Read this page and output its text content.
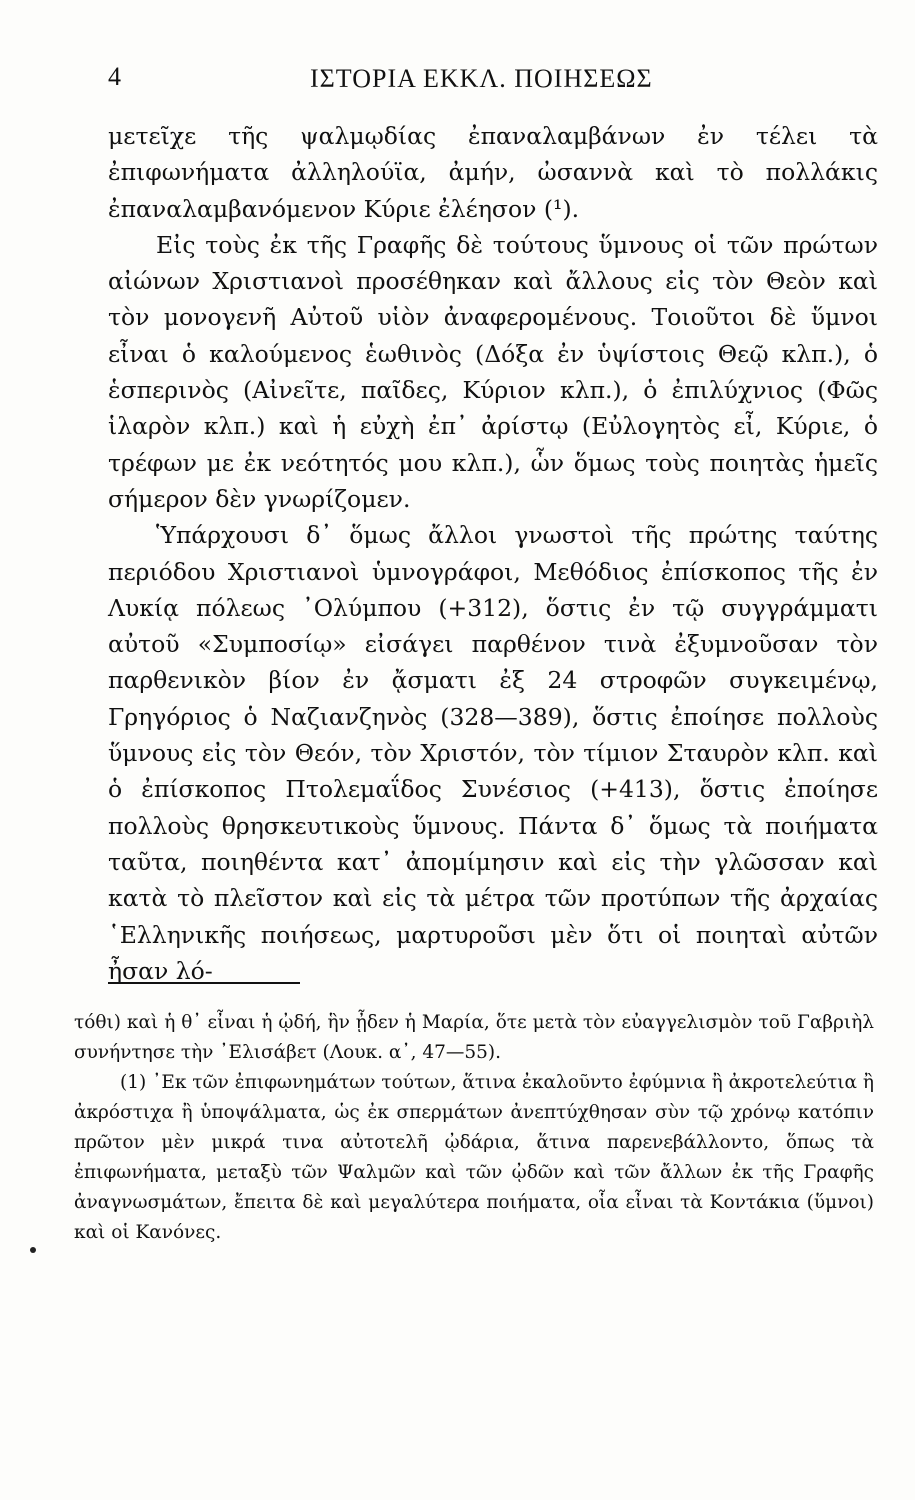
4	ΙΣΤΟΡΙΑ ΕΚΚΛ. ΠΟΙΗΣΕΩΣ

μετεῖχε τῆς ψαλμῳδίας ἐπαναλαμβάνων ἐν τέλει τὰ ἐπιφωνήματα ἀλληλούϊα, ἀμήν, ὠσαννὰ καὶ τὸ πολλάκις ἐπαναλαμβανόμενον Κύριε ἐλέησον (¹).

Εἰς τοὺς ἐκ τῆς Γραφῆς δὲ τούτους ὕμνους οἱ τῶν πρώτων αἰώνων Χριστιανοὶ προσέθηκαν καὶ ἄλλους εἰς τὸν Θεὸν καὶ τὸν μονογενῆ Αὐτοῦ υἱὸν ἀναφερομένους. Τοιοῦτοι δὲ ὕμνοι εἶναι ὁ καλούμενος ἑωθινὸς (Δόξα ἐν ὑψίστοις Θεῷ κλπ.), ὁ ἑσπερινὸς (Αἰνεῖτε, παῖδες, Κύριον κλπ.), ὁ ἐπιλύχνιος (Φῶς ἱλαρὸν κλπ.) καὶ ἡ εὐχὴ ἐπ᾽ ἀρίστῳ (Εὐλογητὸς εἶ, Κύριε, ὁ τρέφων με ἐκ νεότητός μου κλπ.), ὧν ὅμως τοὺς ποιητὰς ἡμεῖς σήμερον δὲν γνωρίζομεν.

Ὑπάρχουσι δ᾽ ὅμως ἄλλοι γνωστοὶ τῆς πρώτης ταύτης περιόδου Χριστιανοὶ ὑμνογράφοι, Μεθόδιος ἐπίσκοπος τῆς ἐν Λυκίᾳ πόλεως ᾽Ολύμπου (+312), ὅστις ἐν τῷ συγγράμματι αὐτοῦ «Συμποσίῳ» εἰσάγει παρθένον τινὰ ἐξυμνοῦσαν τὸν παρθενικὸν βίον ἐν ᾄσματι ἐξ 24 στροφῶν συγκειμένῳ, Γρηγόριος ὁ Ναζιανζηνὸς (328—389), ὅστις ἐποίησε πολλοὺς ὕμνους εἰς τὸν Θεόν, τὸν Χριστόν, τὸν τίμιον Σταυρὸν κλπ. καὶ ὁ ἐπίσκοπος Πτολεμαΐδος Συνέσιος (+413), ὅστις ἐποίησε πολλοὺς θρησκευτικοὺς ὕμνους. Πάντα δ᾽ ὅμως τὰ ποιήματα ταῦτα, ποιηθέντα κατ᾽ ἀπομίμησιν καὶ εἰς τὴν γλῶσσαν καὶ κατὰ τὸ πλεῖστον καὶ εἰς τὰ μέτρα τῶν προτύπων τῆς ἀρχαίας ῾Ελληνικῆς ποιήσεως, μαρτυροῦσι μὲν ὅτι οἱ ποιηταὶ αὐτῶν ἦσαν λό-

τόθι) καὶ ἡ θ᾽ εἶναι ἡ ᾠδή, ἣν ᾖδεν ἡ Μαρία, ὅτε μετὰ τὸν εὐαγγελισμὸν τοῦ Γαβριὴλ συνήντησε τὴν ᾽Ελισάβετ (Λουκ. α᾽, 47—55).

(1) ᾽Εκ τῶν ἐπιφωνημάτων τούτων, ἅτινα ἐκαλοῦντο ἐφύμνια ἢ ἀκροτελεύτια ἢ ἀκρόστιχα ἢ ὑποψάλματα, ὡς ἐκ σπερμάτων ἀνεπτύχθησαν σὺν τῷ χρόνῳ κατόπιν πρῶτον μὲν μικρά τινα αὐτοτελῆ ᾠδάρια, ἅτινα παρενεβάλλοντο, ὅπως τὰ ἐπιφωνήματα, μεταξὺ τῶν Ψαλμῶν καὶ τῶν ᾠδῶν καὶ τῶν ἄλλων ἐκ τῆς Γραφῆς ἀναγνωσμάτων, ἔπειτα δὲ καὶ μεγαλύτερα ποιήματα, οἷα εἶναι τὰ Κοντάκια (ὕμνοι) καὶ οἱ Κανόνες.
